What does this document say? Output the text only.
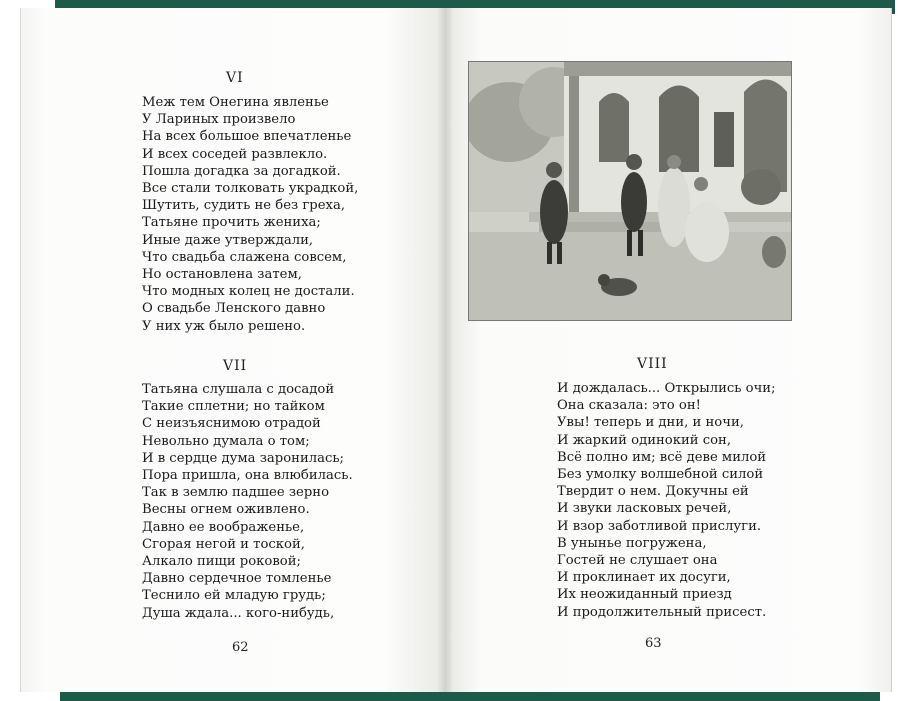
VI
Меж тем Онегина явленье
У Лариных произвело
На всех большое впечатленье
И всех соседей развлекло.
Пошла догадка за догадкой.
Все стали толковать украдкой,
Шутить, судить не без греха,
Татьяне прочить жениха;
Иные даже утверждали,
Что свадьба слажена совсем,
Но остановлена затем,
Что модных колец не достали.
О свадьбе Ленского давно
У них уж было решено.
VII
Татьяна слушала с досадой
Такие сплетни; но тайком
С неизъяснимою отрадой
Невольно думала о том;
И в сердце дума заронилась;
Пора пришла, она влюбилась.
Так в землю падшее зерно
Весны огнем оживлено.
Давно ее воображенье,
Сгорая негой и тоской,
Алкало пищи роковой;
Давно сердечное томленье
Теснило ей младую грудь;
Душа ждала... кого-нибудь,
62
VIII
И дождалась... Открылись очи;
Она сказала: это он!
Увы! теперь и дни, и ночи,
И жаркий одинокий сон,
Всё полно им; всё деве милой
Без умолку волшебной силой
Твердит о нем. Докучны ей
И звуки ласковых речей,
И взор заботливой прислуги.
В унынье погружена,
Гостей не слушает она
И проклинает их досуги,
Их неожиданный приезд
И продолжительный присест.
63
